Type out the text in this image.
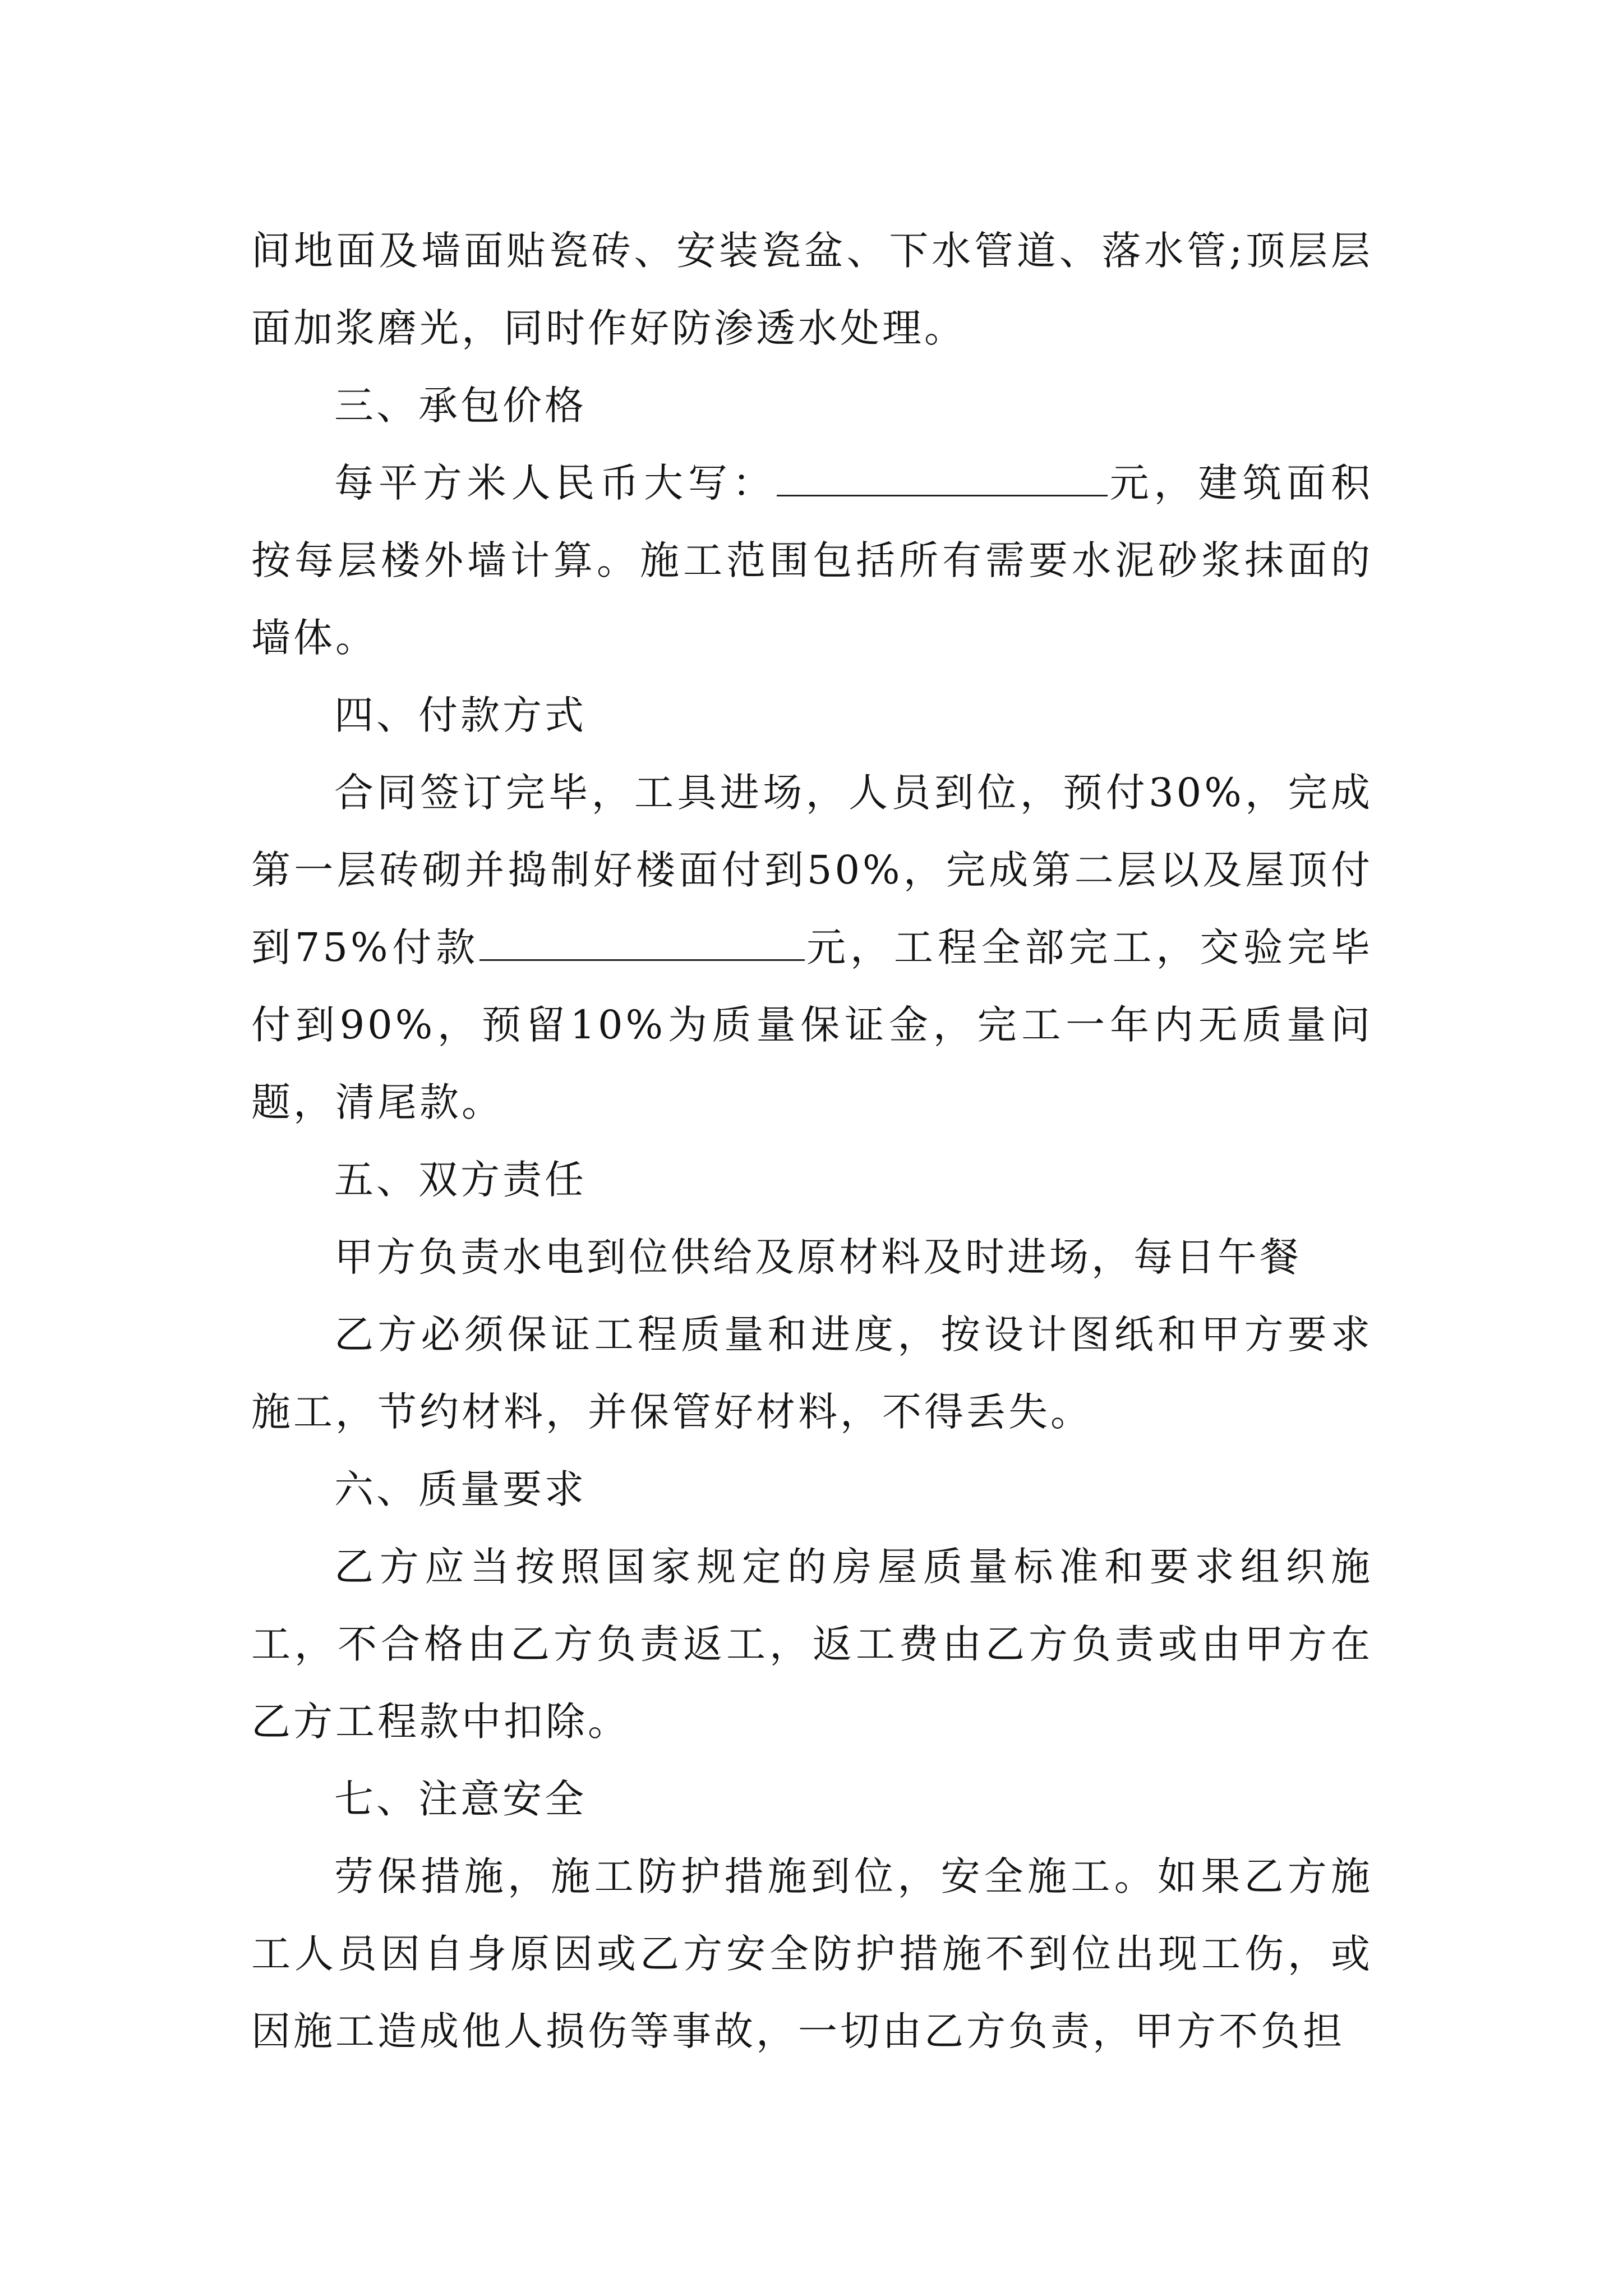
间地面及墙面贴瓷砖、安装瓷盆、下水管道、落水管;顶层层面加浆磨光，同时作好防渗透水处理。

三、承包价格

每平方米人民币大写：	元，建筑面积按每层楼外墙计算。施工范围包括所有需要水泥砂浆抹面的墙体。

四、付款方式

合同签订完毕，工具进场，人员到位，预付30%，完成第一层砖砌并捣制好楼面付到50%，完成第二层以及屋顶付到75%付款	元，工程全部完工，交验完毕付到90%，预留10%为质量保证金，完工一年内无质量问题，清尾款。

五、双方责任

甲方负责水电到位供给及原材料及时进场，每日午餐

乙方必须保证工程质量和进度，按设计图纸和甲方要求施工，节约材料，并保管好材料，不得丢失。

六、质量要求

乙方应当按照国家规定的房屋质量标准和要求组织施工，不合格由乙方负责返工，返工费由乙方负责或由甲方在乙方工程款中扣除。

七、注意安全

劳保措施，施工防护措施到位，安全施工。如果乙方施工人员因自身原因或乙方安全防护措施不到位出现工伤，或因施工造成他人损伤等事故，一切由乙方负责，甲方不负担
